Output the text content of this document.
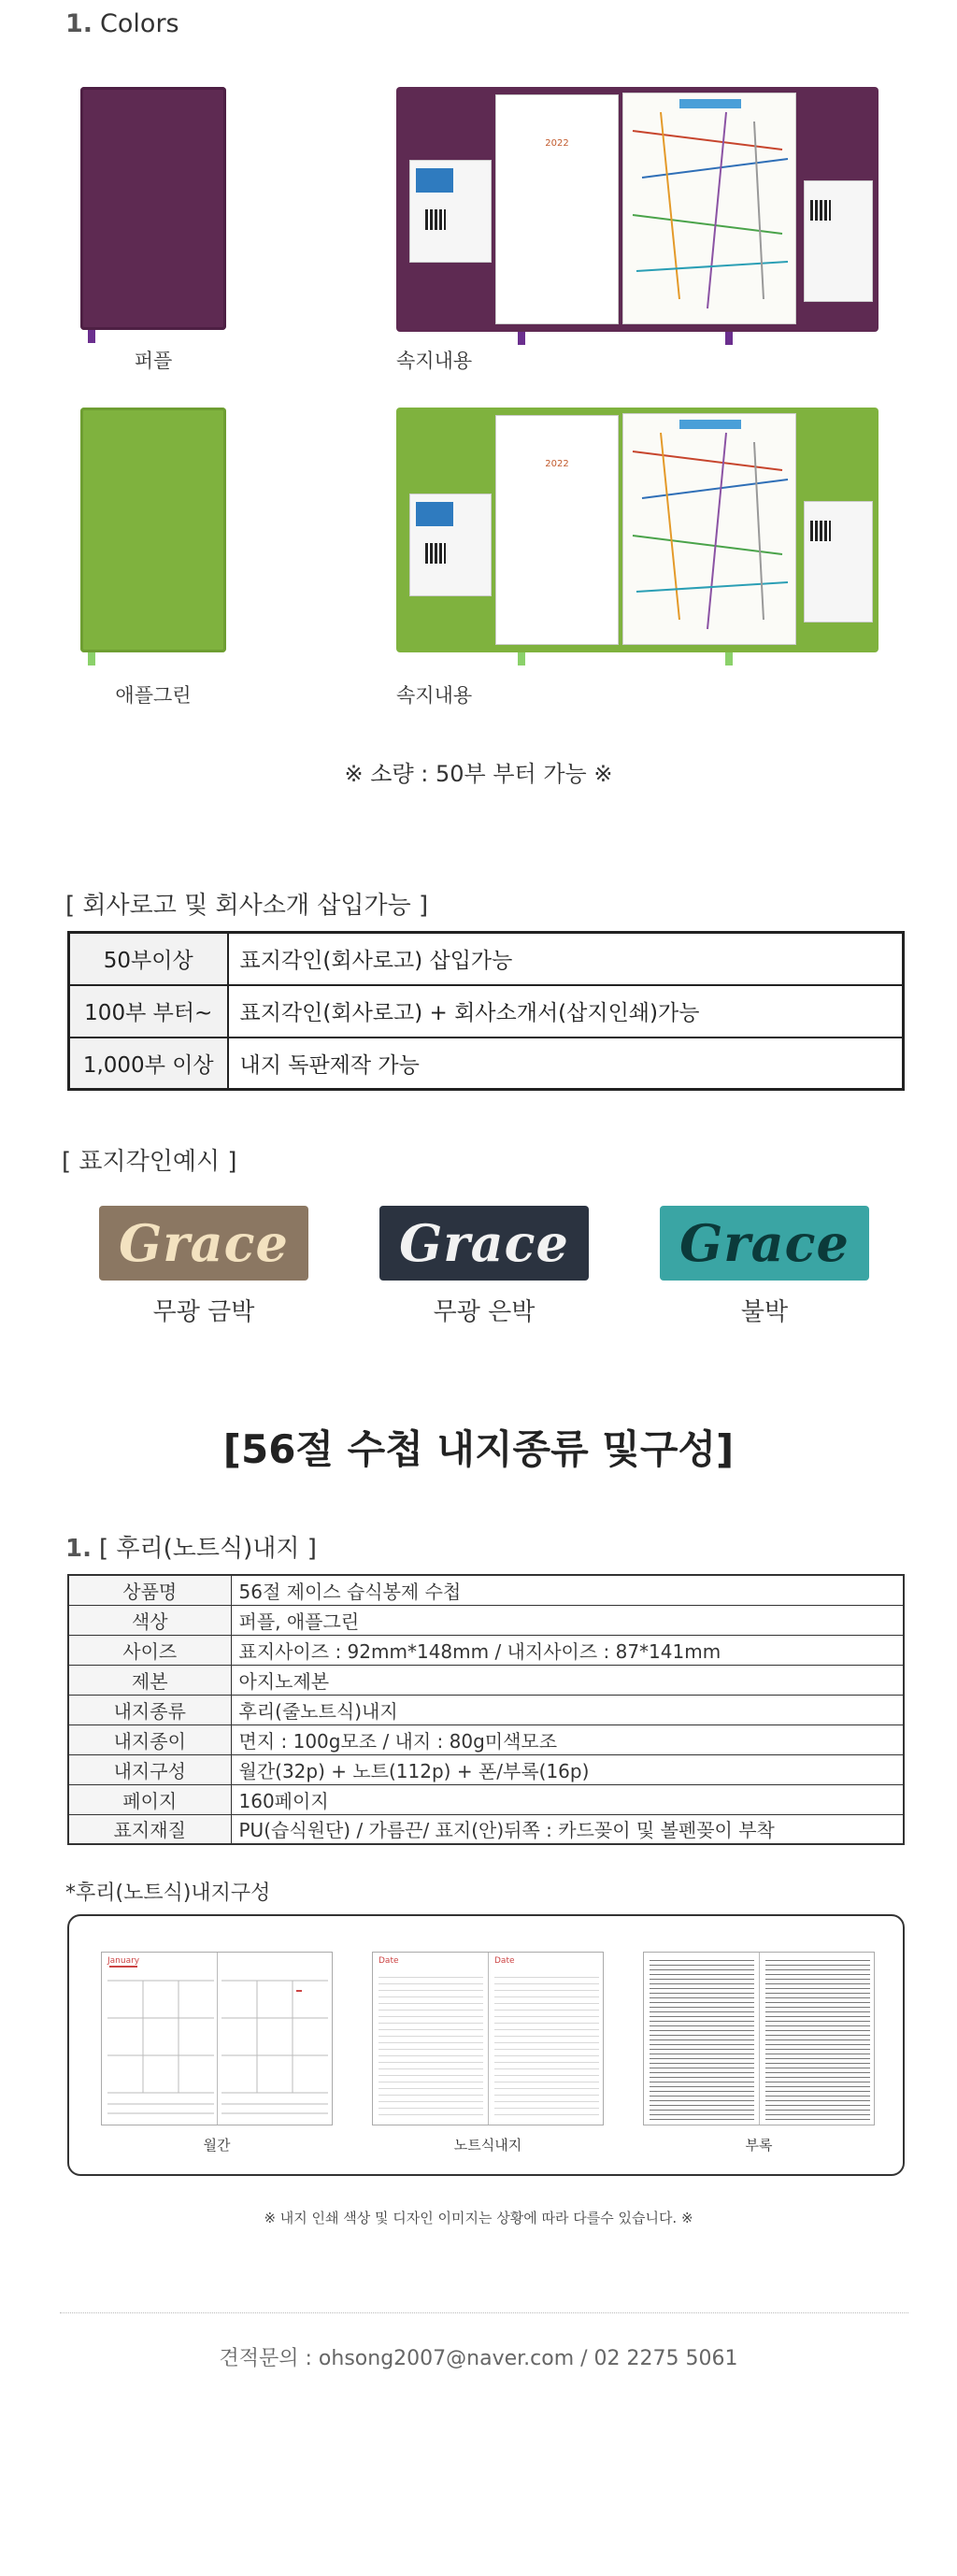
1. Colors
퍼플
2022
속지내용
애플그린
2022
속지내용
※ 소량 : 50부 부터 가능 ※
[ 회사로고 및 회사소개 삽입가능 ]
50부이상	표지각인(회사로고) 삽입가능
100부 부터~	표지각인(회사로고) + 회사소개서(삽지인쇄)가능
1,000부 이상	내지 독판제작 가능
[ 표지각인예시 ]
Grace
무광 금박
Grace
무광 은박
Grace
불박
[56절 수첩 내지종류 및구성]
1. [ 후리(노트식)내지 ]
상품명	56절 제이스 습식봉제 수첩
색상	퍼플, 애플그린
사이즈	표지사이즈 : 92mm*148mm / 내지사이즈 : 87*141mm
제본	아지노제본
내지종류	후리(줄노트식)내지
내지종이	면지 : 100g모조 / 내지 : 80g미색모조
내지구성	월간(32p) + 노트(112p) + 폰/부록(16p)
페이지	160페이지
표지재질	PU(습식원단) / 가름끈/ 표지(안)뒤쪽 : 카드꽂이 및 볼펜꽂이 부착
*후리(노트식)내지구성
January
월간
Date	Date
노트식내지	부록
※ 내지 인쇄 색상 및 디자인 이미지는 상황에 따라 다를수 있습니다. ※
견적문의 : ohsong2007@naver.com / 02 2275 5061
